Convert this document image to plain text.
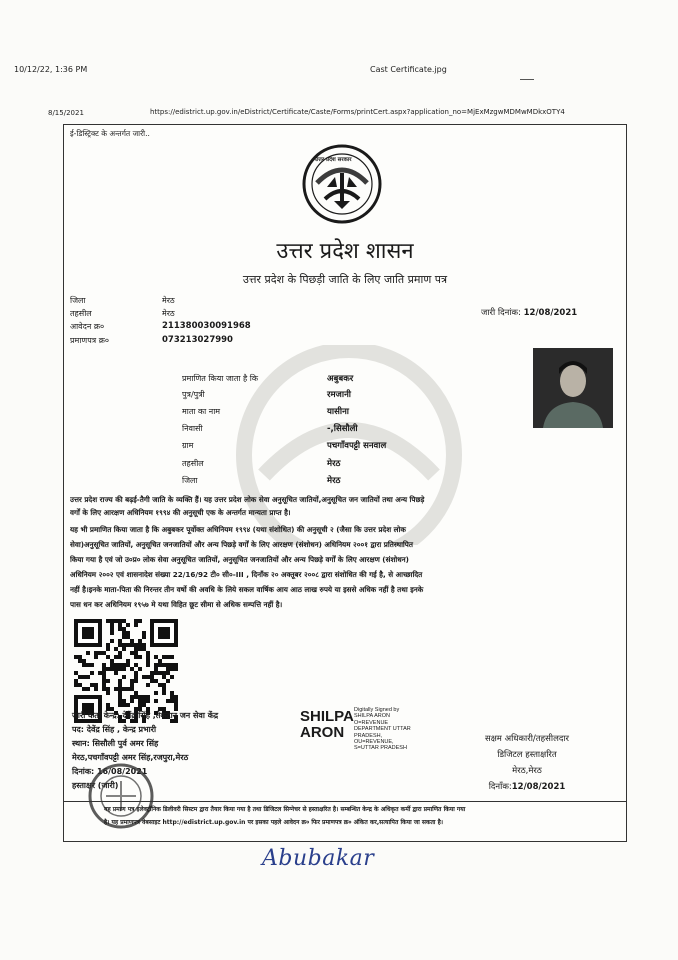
10/12/22, 1:36 PM	Cast Certificate.jpg
8/15/2021	https://edistrict.up.gov.in/eDistrict/Certificate/Caste/Forms/printCert.aspx?application_no=MjExMzgwMDMwMDkxOTY4
ई-डिस्ट्रिक्ट के अन्तर्गत जारी..
उत्तर प्रदेश सरकार
उत्तर प्रदेश शासन
उत्तर प्रदेश के पिछड़ी जाति के लिए जाति प्रमाण पत्र
जिला	मेरठ
तहसील	मेरठ
आवेदन क्र०	211380030091968
प्रमाणपत्र क्र०	073213027990
जारी दिनांक: 12/08/2021
प्रमाणित किया जाता है कि	अबुबकर
पुत्र/पुत्री	रमजानी
माता का नाम	यासीना
निवासी	-,सिसौली
ग्राम	पचगाँवपट्टी सनवाल
तहसील	मेरठ
जिला	मेरठ
उत्तर प्रदेश राज्य की बढ़ई-तैगी जाति के व्यक्ति हैं। यह उत्तर प्रदेश लोक सेवा अनुसूचित जातियों,अनुसूचित जन जातियों तथा अन्य पिछड़े
वर्गों के लिए आरक्षण अधिनियम १९९४ की अनुसूची एक के अन्तर्गत मान्यता प्राप्त है।
यह भी प्रमाणित किया जाता है कि अबुबकर पूर्वोक्त अधिनियम १९९४ (यथा संशोधित) की अनुसूची २ (जैसा कि उत्तर प्रदेश लोक
सेवा)अनुसूचित जातियों, अनुसूचित जनजातियों और अन्य पिछड़े वर्गों के लिए आरक्षण (संशोधन) अधिनियम २००१ द्वारा प्रतिस्थापित
किया गया है एवं जो उ०प्र० लोक सेवा अनुसूचित जातियों, अनुसूचित जनजातियों और अन्य पिछड़े वर्गों के लिए आरक्षण (संशोधन)
अधिनियम २००२ एवं शासनादेश संख्या 22/16/92 टी० सी०-III , दिनाँक २० अक्तूबर २००८ द्वारा संशोधित की गई है, से आच्छादित
नहीं है।इनके माता-पिता की निरन्तर तीन वर्षो की अवधि के लिये सकल वार्षिक आय आठ लाख रुपये या इससे अधिक नहीं है तथा इनके
पास धन कर अधिनियम १९५७ मे यथा विहित छूट सीमा से अधिक सम्पत्ति नहीं है।
जारी कर्ता केन्द्र: देवेंद्र सिंह ,तेकटान जन सेवा केंद्र
पद: देवेंद्र सिंह , केन्द्र प्रभारी
स्थान: सिसौली पुर्व अमर सिंह
मेरठ,पचगाँवपट्टी अमर सिंह,रजपुरा,मेरठ
दिनांक: 16/08/2021
हस्ताक्षर (जारी)
SHILPA
ARON
Digitally Signed by
SHILPA ARON
O=REVENUE
DEPARTMENT UTTAR
PRADESH,
OU=REVENUE,
S=UTTAR PRADESH
सक्षम अधिकारी/तहसीलदार
डिजिटल हस्ताक्षरित
मेरठ,मेरठ
दिनाँक:12/08/2021
यह प्रमाण पत्र इलेक्ट्रॉनिक डिलीवरी सिस्टम द्वारा तैयार किया गया है तथा डिजिटल सिग्नेचर से हस्ताक्षरित है। सम्बन्धित केन्द्र के अधिकृत कर्मी द्वारा प्रमाणित किया गया
है। यह प्रमाणपत्र वेबसाइट http://edistrict.up.gov.in पर इसका पहले आवेदन क्र० फिर प्रमाणपत्र क्र० अंकित कर,सत्यापित किया जा सकता है।
Abubakar
